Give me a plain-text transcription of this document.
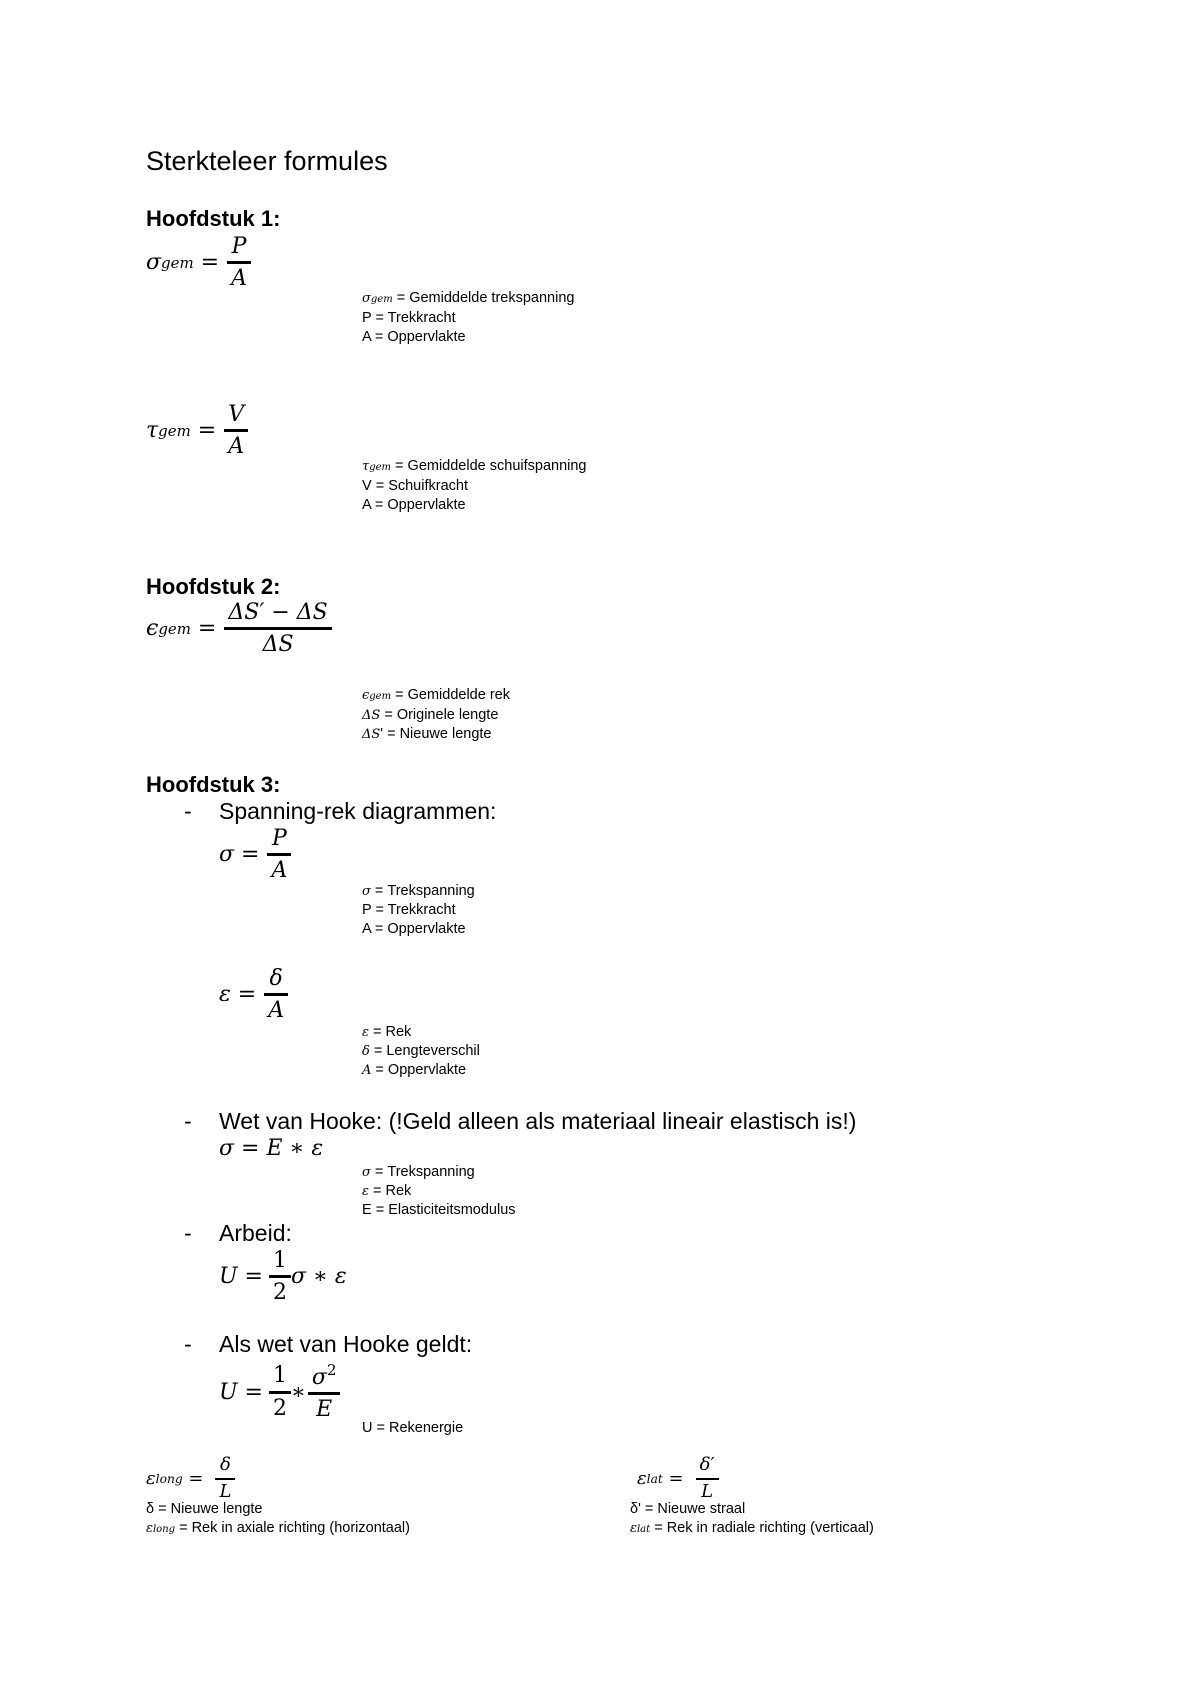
Sterkteleer formules
Hoofdstuk 1:
σ gem = $\frac{P}{A}$
σgem = Gemiddelde trekspanning
P = Trekkracht
A = Oppervlakte
τ gem = $\frac{V}{A}$
τgem = Gemiddelde schuifspanning
V = Schuifkracht
A = Oppervlakte
Hoofdstuk 2:
ϵ gem = $\frac{\Delta S' - \Delta S}{\Delta S}$
ϵgem = Gemiddelde rek
ΔS = Originele lengte
ΔS' = Nieuwe lengte
Hoofdstuk 3:
- Spanning-rek diagrammen:
$\sigma = \frac{P}{A}$
σ = Trekspanning
P = Trekkracht
A = Oppervlakte
$\varepsilon = \frac{\delta}{A}$
ε = Rek
δ = Lengteverschil
A = Oppervlakte
- Wet van Hooke: (!Geld alleen als materiaal lineair elastisch is!)
σ = E ∗ ε
σ = Trekspanning
ε = Rek
E = Elasticiteitsmodulus
- Arbeid:
$U = \frac{1}{2}$ σ ∗ ε
- Als wet van Hooke geldt:
$U = \frac{1}{2}$ ∗ $\frac{\sigma^2}{E}$
U = Rekenergie
ε long = $\frac{\delta}{L}$	ε lat = $\frac{\delta'}{L}$
δ = Nieuwe lengte
εlong = Rek in axiale richting (horizontaal)
δ' = Nieuwe straal
εlat = Rek in radiale richting (verticaal)
